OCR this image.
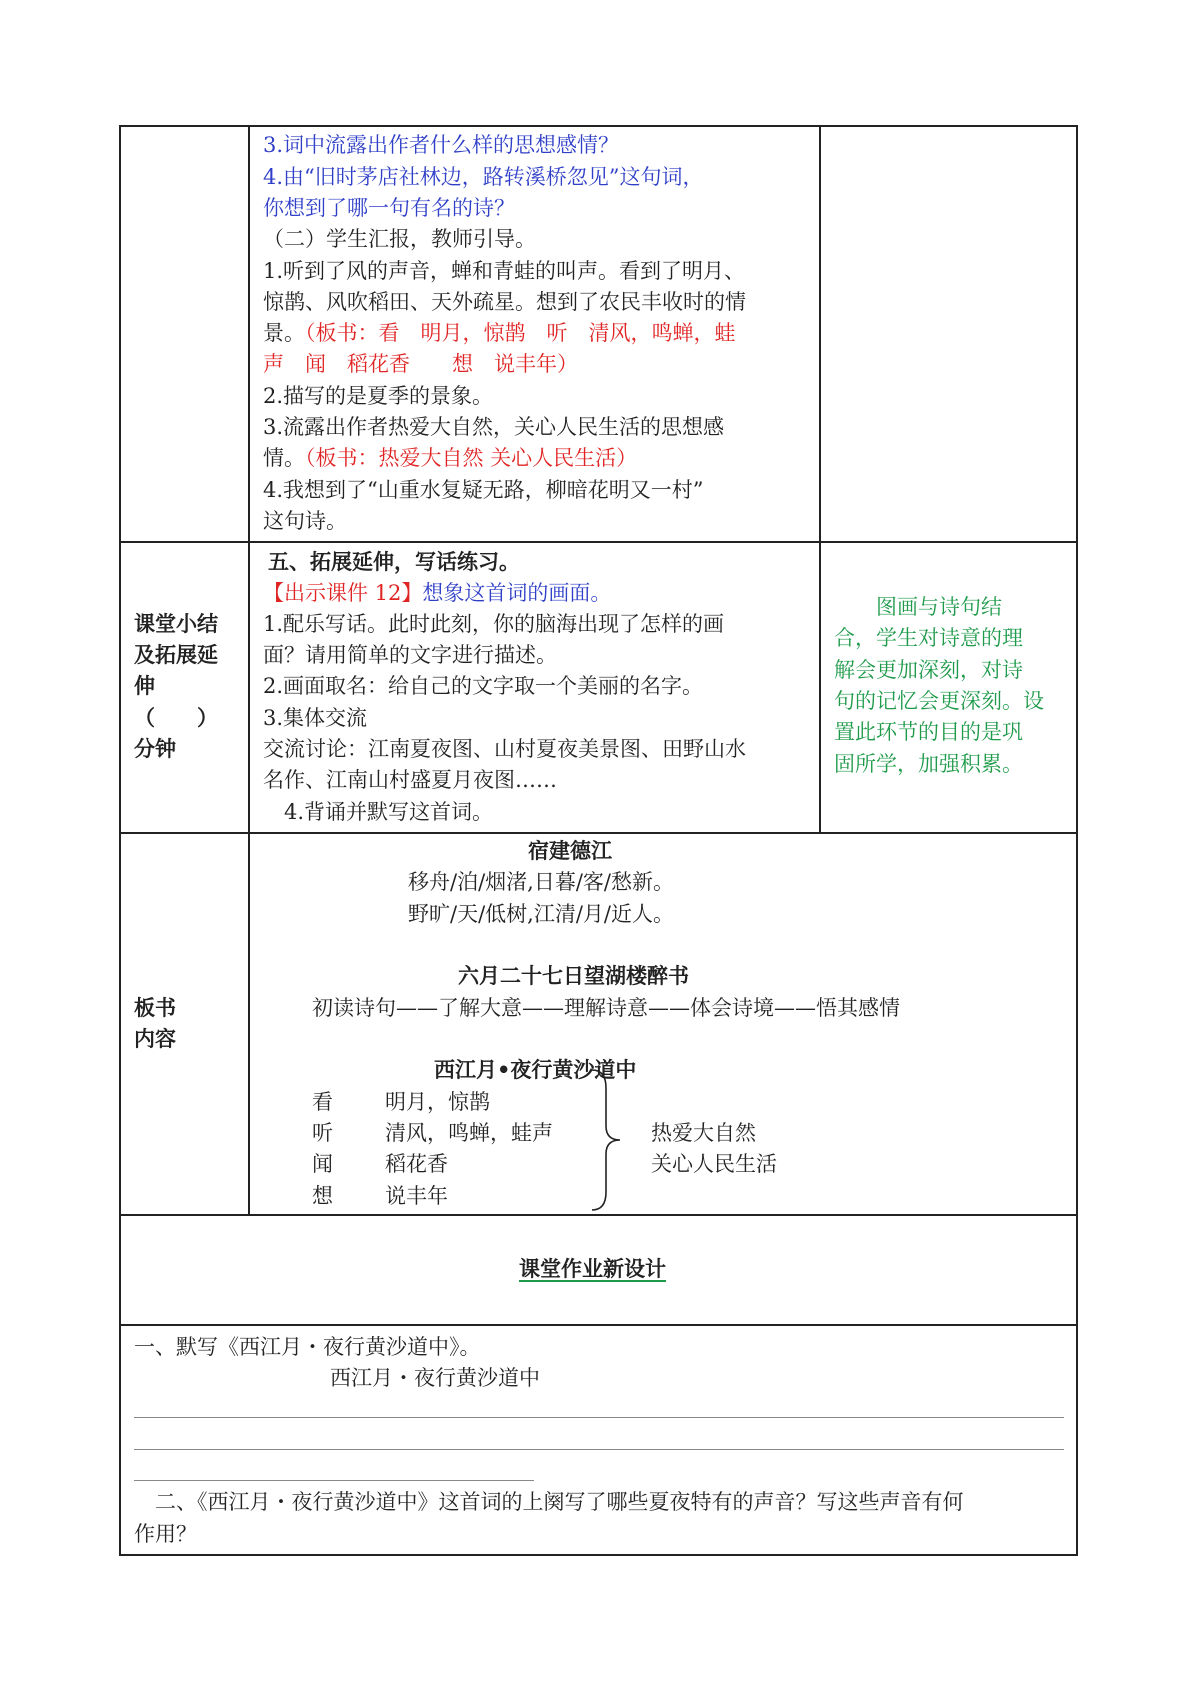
3.词中流露出作者什么样的思想感情？
4.由“旧时茅店社林边，路转溪桥忽见”这句词，
你想到了哪一句有名的诗？
（二）学生汇报，教师引导。
1.听到了风的声音，蝉和青蛙的叫声。看到了明月、
惊鹊、风吹稻田、天外疏星。想到了农民丰收时的情
景。（板书：看　明月，惊鹊　听　清风，鸣蝉，蛙
声　闻　稻花香　　想　说丰年）
2.描写的是夏季的景象。
3.流露出作者热爱大自然，关心人民生活的思想感
情。（板书：热爱大自然 关心人民生活）
4.我想到了“山重水复疑无路，柳暗花明又一村”
这句诗。
课堂小结
及拓展延
伸
（　　）
分钟
五、拓展延伸，写话练习。
【出示课件 12】想象这首词的画面。
1.配乐写话。此时此刻，你的脑海出现了怎样的画
面？请用简单的文字进行描述。
2.画面取名：给自己的文字取一个美丽的名字。
3.集体交流
交流讨论：江南夏夜图、山村夏夜美景图、田野山水
名作、江南山村盛夏月夜图……
　4.背诵并默写这首词。
　　图画与诗句结
合，学生对诗意的理
解会更加深刻，对诗
句的记忆会更深刻。设
置此环节的目的是巩
固所学，加强积累。
板书
内容
宿建德江
移舟/泊/烟渚,日暮/客/愁新。
野旷/天/低树,江清/月/近人。
六月二十七日望湖楼醉书
初读诗句——了解大意——理解诗意——体会诗境——悟其感情
西江月•夜行黄沙道中
看 明月，惊鹊
听 清风，鸣蝉，蛙声
闻 稻花香
想 说丰年
热爱大自然
关心人民生活
课堂作业新设计
一、默写《西江月・夜行黄沙道中》。
西江月・夜行黄沙道中
　二、《西江月・夜行黄沙道中》这首词的上阕写了哪些夏夜特有的声音？写这些声音有何
作用？
